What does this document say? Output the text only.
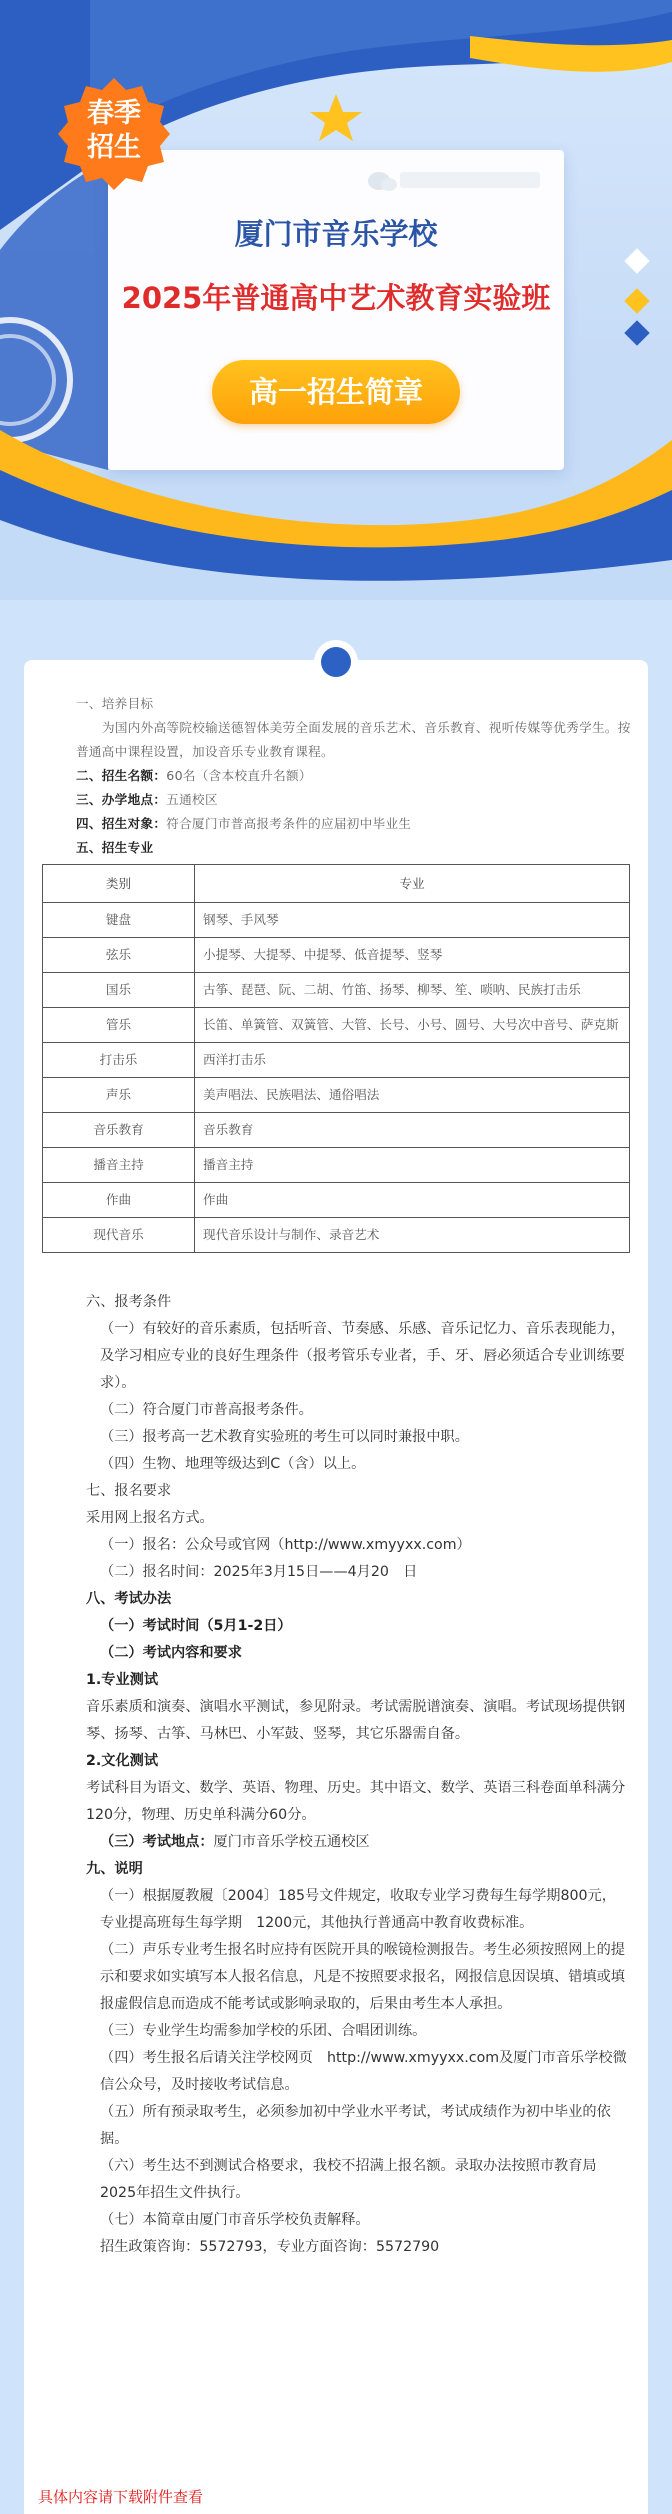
春季
招生
厦门市音乐学校
2025年普通高中艺术教育实验班
高一招生简章
一、培养目标
为国内外高等院校输送德智体美劳全面发展的音乐艺术、音乐教育、视听传媒等优秀学生。按普通高中课程设置，加设音乐专业教育课程。
二、招生名额：60名（含本校直升名额）
三、办学地点：五通校区
四、招生对象：符合厦门市普高报考条件的应届初中毕业生
五、招生专业
类别	专业
键盘	钢琴、手风琴
弦乐	小提琴、大提琴、中提琴、低音提琴、竖琴
国乐	古筝、琵琶、阮、二胡、竹笛、扬琴、柳琴、笙、唢呐、民族打击乐
管乐	长笛、单簧管、双簧管、大管、长号、小号、圆号、大号次中音号、萨克斯
打击乐	西洋打击乐
声乐	美声唱法、民族唱法、通俗唱法
音乐教育	音乐教育
播音主持	播音主持
作曲	作曲
现代音乐	现代音乐设计与制作、录音艺术
六、报考条件
（一）有较好的音乐素质，包括听音、节奏感、乐感、音乐记忆力、音乐表现能力，及学习相应专业的良好生理条件（报考管乐专业者，手、牙、唇必须适合专业训练要求）。
（二）符合厦门市普高报考条件。
（三）报考高一艺术教育实验班的考生可以同时兼报中职。
（四）生物、地理等级达到C（含）以上。
七、报名要求
采用网上报名方式。
（一）报名：公众号或官网（http://www.xmyyxx.com）
（二）报名时间：2025年3月15日——4月20　日
八、考试办法
（一）考试时间（5月1-2日）
（二）考试内容和要求
1.专业测试
音乐素质和演奏、演唱水平测试，参见附录。考试需脱谱演奏、演唱。考试现场提供钢琴、扬琴、古筝、马林巴、小军鼓、竖琴，其它乐器需自备。
2.文化测试
考试科目为语文、数学、英语、物理、历史。其中语文、数学、英语三科卷面单科满分120分，物理、历史单科满分60分。
（三）考试地点：厦门市音乐学校五通校区
九、说明
（一）根据厦教履〔2004〕185号文件规定，收取专业学习费每生每学期800元，专业提高班每生每学期　1200元，其他执行普通高中教育收费标准。
（二）声乐专业考生报名时应持有医院开具的喉镜检测报告。考生必须按照网上的提示和要求如实填写本人报名信息，凡是不按照要求报名，网报信息因误填、错填或填报虚假信息而造成不能考试或影响录取的，后果由考生本人承担。
（三）专业学生均需参加学校的乐团、合唱团训练。
（四）考生报名后请关注学校网页　http://www.xmyyxx.com及厦门市音乐学校微信公众号，及时接收考试信息。
（五）所有预录取考生，必须参加初中学业水平考试，考试成绩作为初中毕业的依据。
（六）考生达不到测试合格要求，我校不招满上报名额。录取办法按照市教育局2025年招生文件执行。
（七）本简章由厦门市音乐学校负责解释。
招生政策咨询：5572793，专业方面咨询：5572790
具体内容请下载附件查看
